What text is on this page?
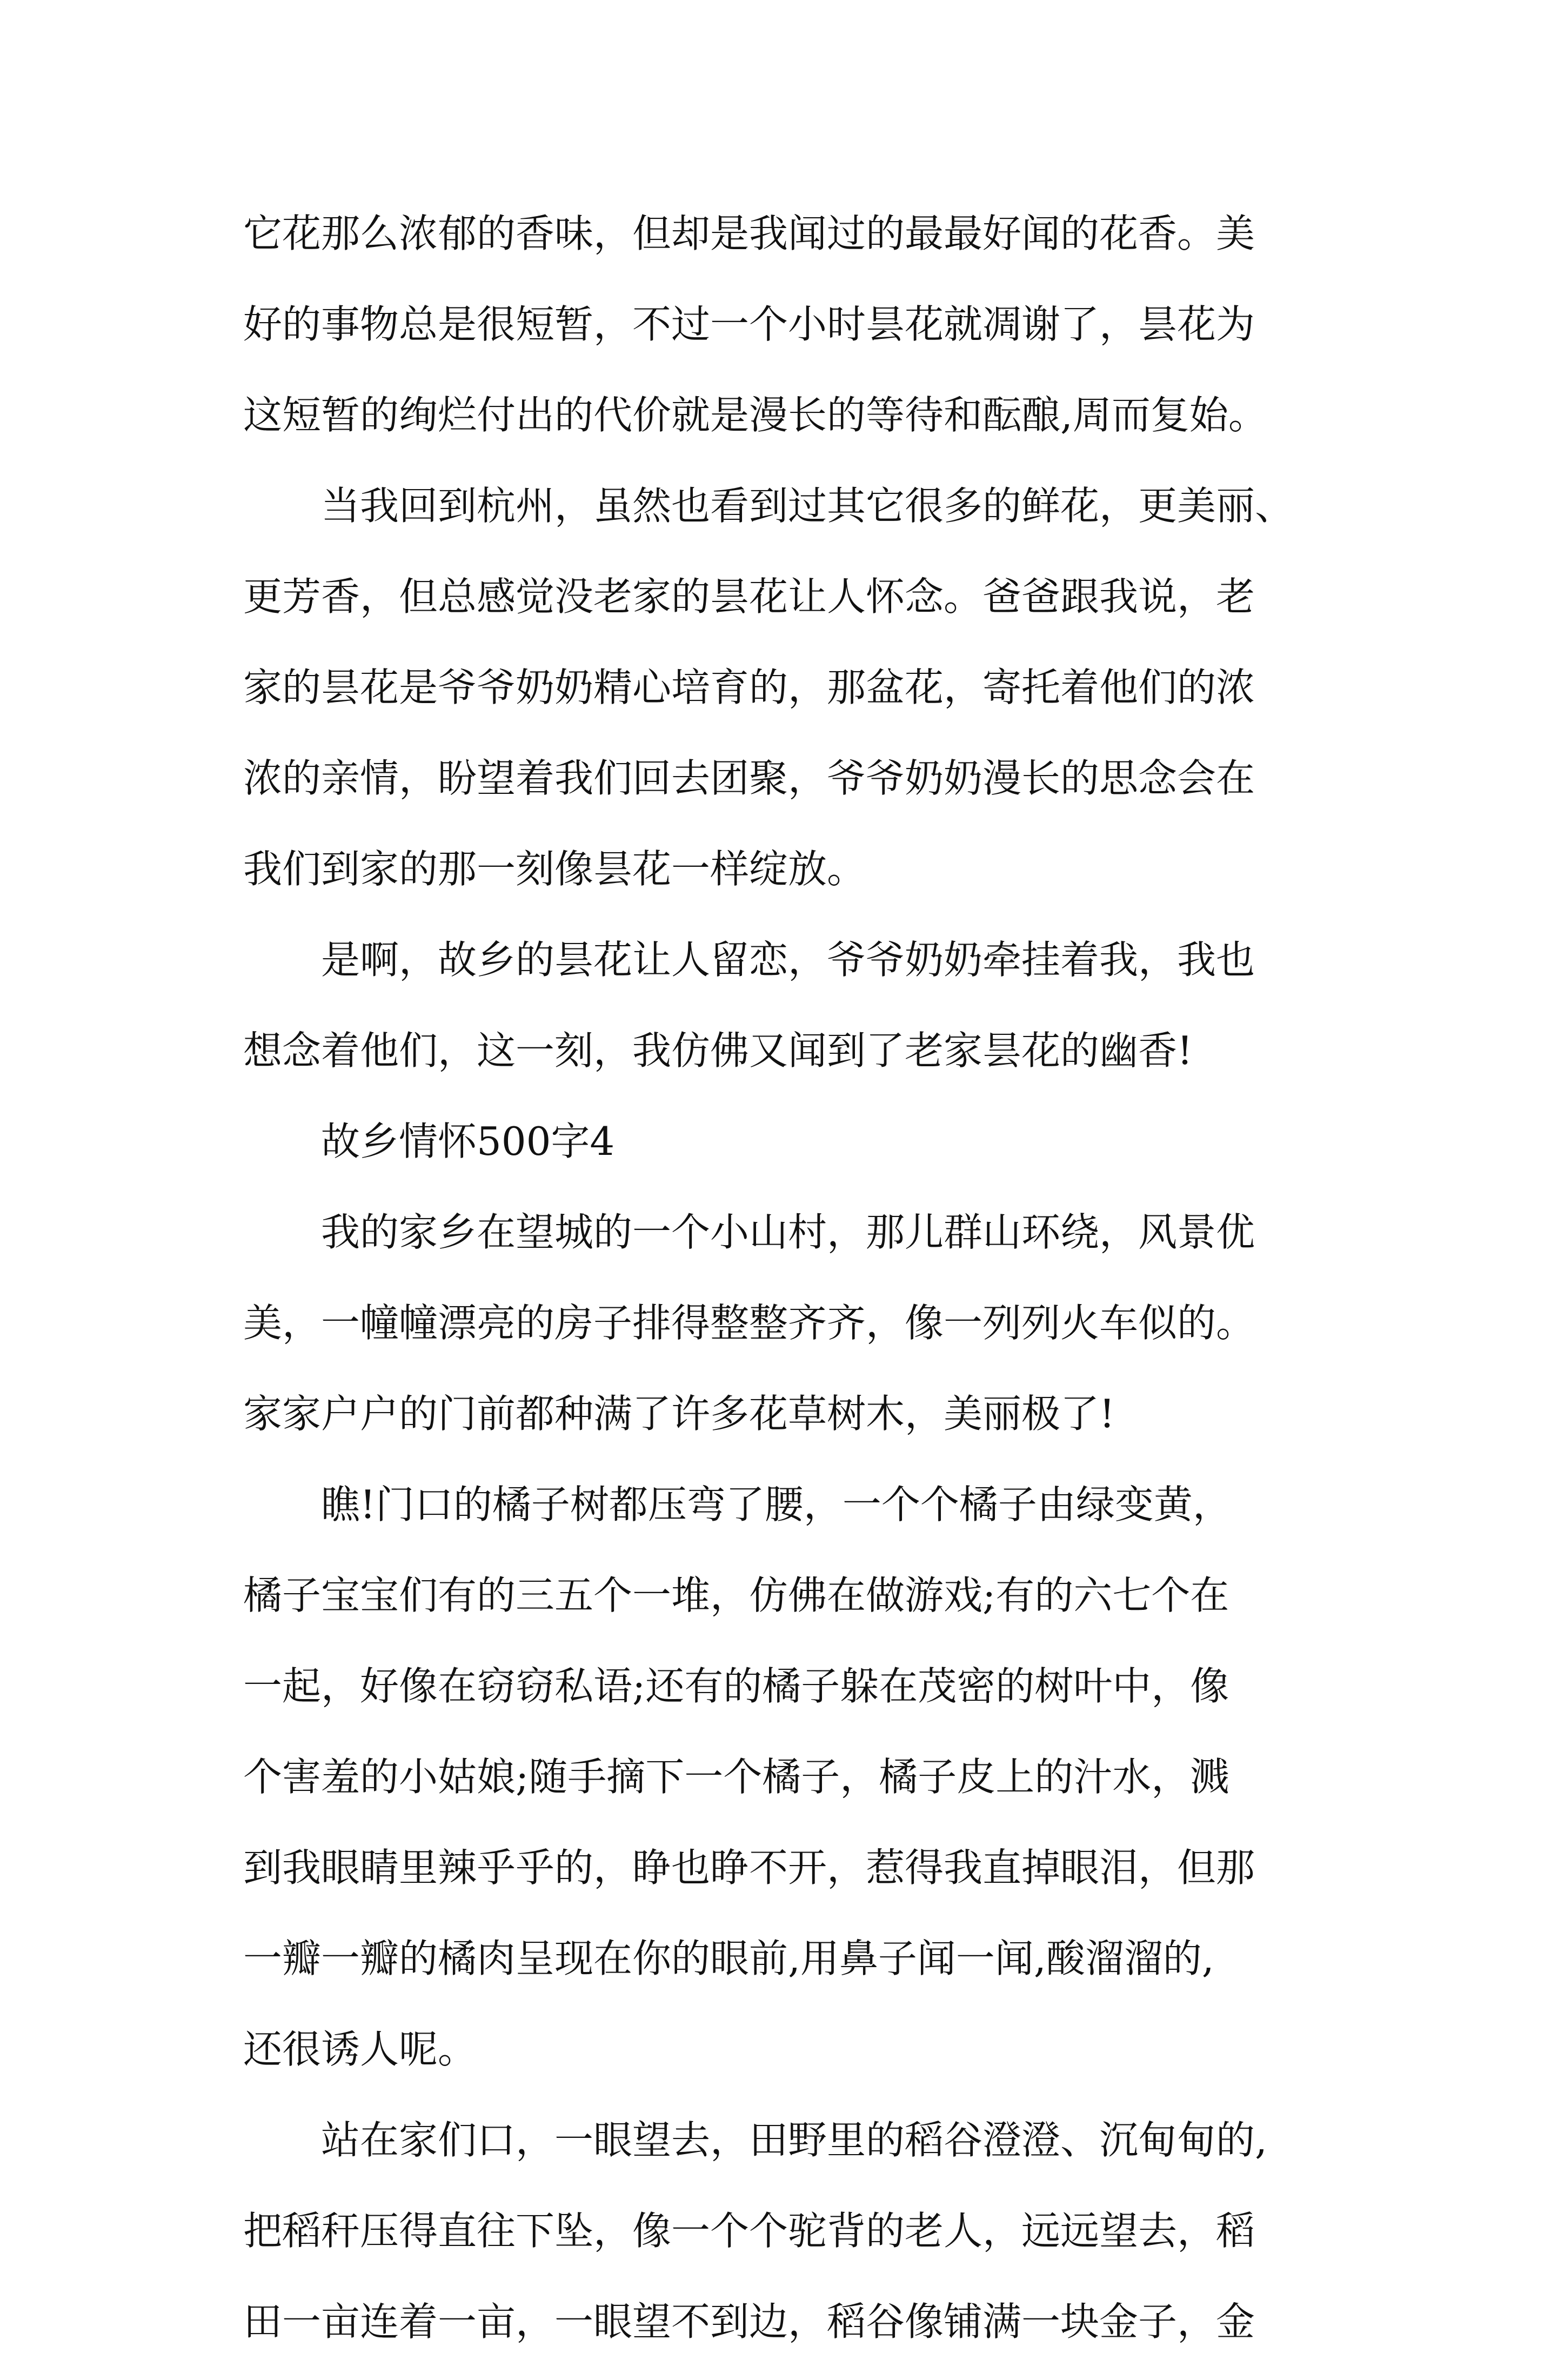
它花那么浓郁的香味，但却是我闻过的最最好闻的花香。美
好的事物总是很短暂，不过一个小时昙花就凋谢了，昙花为
这短暂的绚烂付出的代价就是漫长的等待和酝酿,周而复始。
当我回到杭州，虽然也看到过其它很多的鲜花，更美丽、
更芳香，但总感觉没老家的昙花让人怀念。爸爸跟我说，老
家的昙花是爷爷奶奶精心培育的，那盆花，寄托着他们的浓
浓的亲情，盼望着我们回去团聚，爷爷奶奶漫长的思念会在
我们到家的那一刻像昙花一样绽放。
是啊，故乡的昙花让人留恋，爷爷奶奶牵挂着我，我也
想念着他们，这一刻，我仿佛又闻到了老家昙花的幽香!
故乡情怀500字4
我的家乡在望城的一个小山村，那儿群山环绕，风景优
美，一幢幢漂亮的房子排得整整齐齐，像一列列火车似的。
家家户户的门前都种满了许多花草树木，美丽极了!
瞧!门口的橘子树都压弯了腰，一个个橘子由绿变黄，
橘子宝宝们有的三五个一堆，仿佛在做游戏;有的六七个在
一起，好像在窃窃私语;还有的橘子躲在茂密的树叶中，像
个害羞的小姑娘;随手摘下一个橘子，橘子皮上的汁水，溅
到我眼睛里辣乎乎的，睁也睁不开，惹得我直掉眼泪，但那
一瓣一瓣的橘肉呈现在你的眼前,用鼻子闻一闻,酸溜溜的,
还很诱人呢。
站在家们口，一眼望去，田野里的稻谷澄澄、沉甸甸的,
把稻秆压得直往下坠，像一个个驼背的老人，远远望去，稻
田一亩连着一亩，一眼望不到边，稻谷像铺满一块金子，金
